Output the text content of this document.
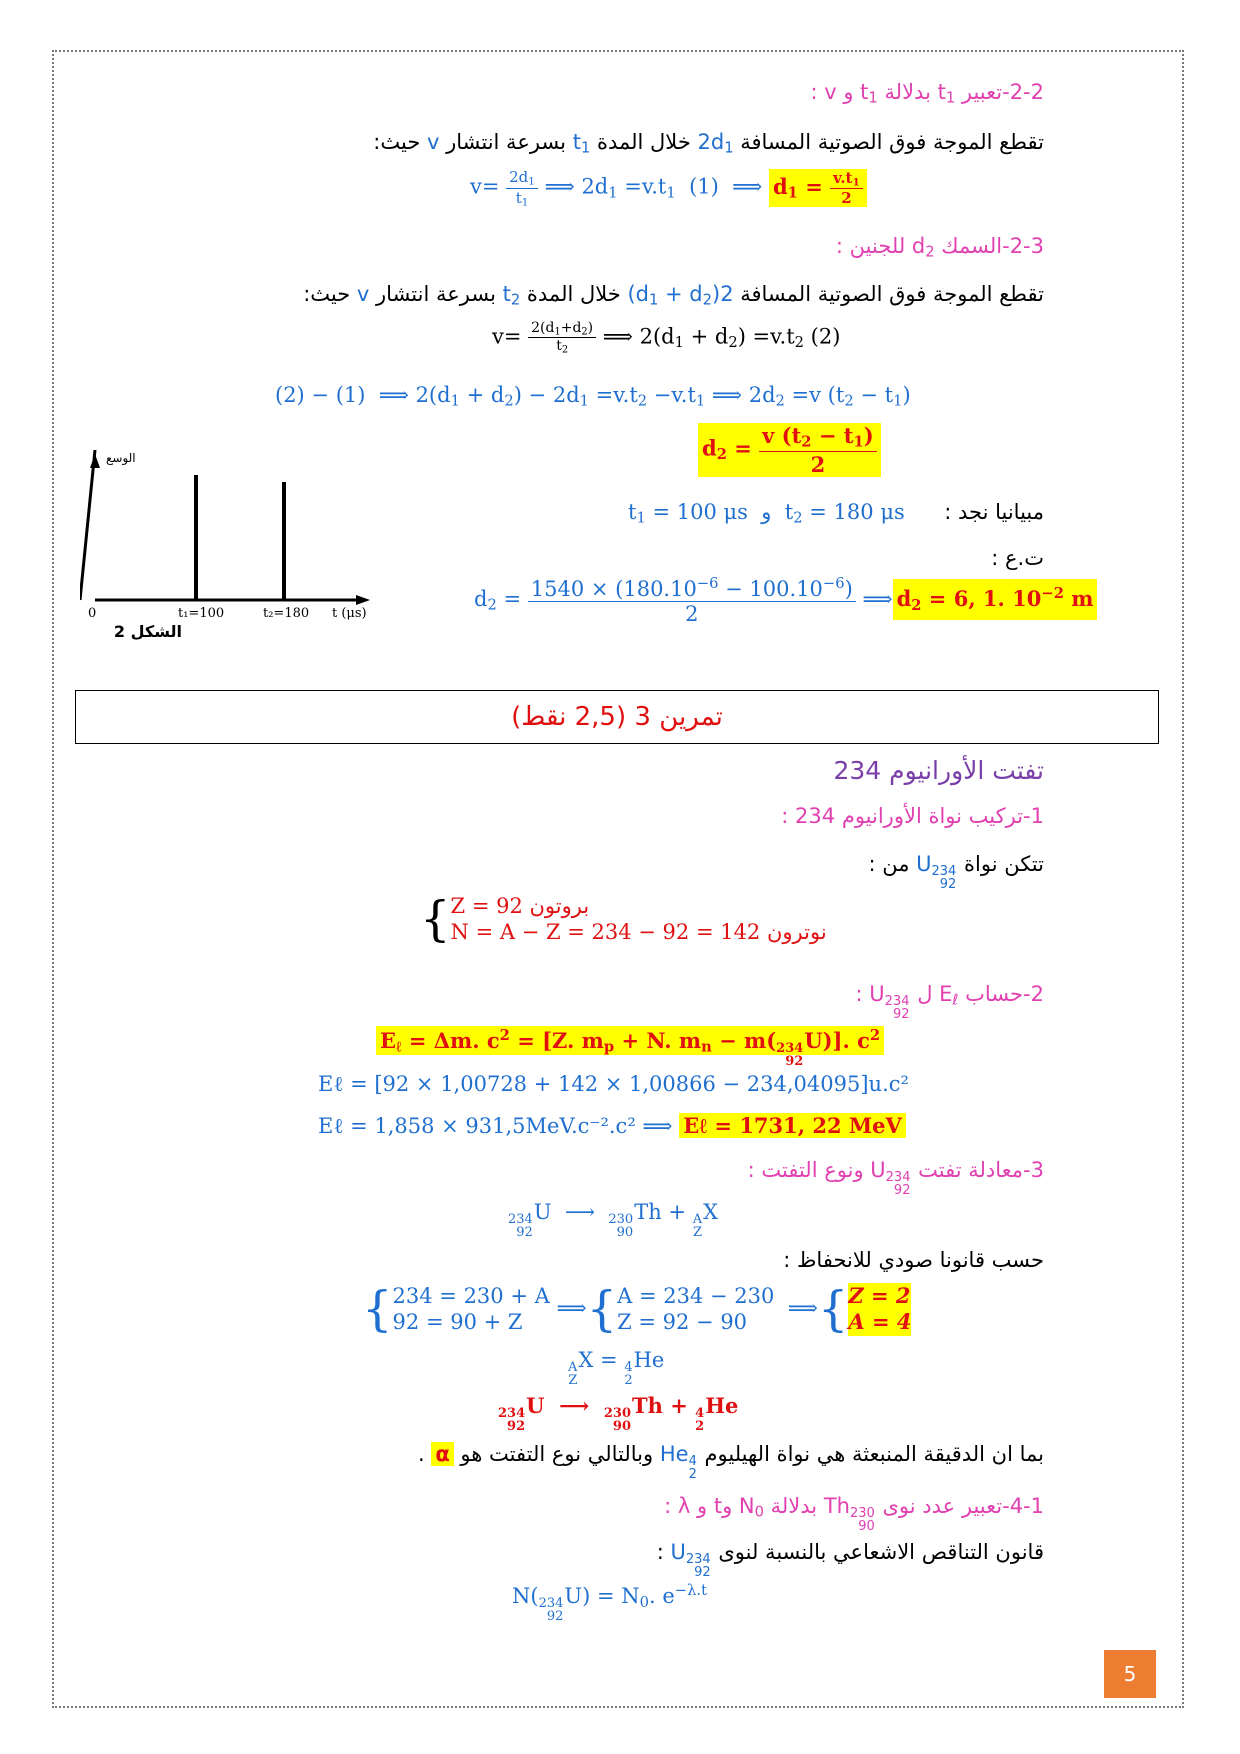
2-2-تعبير $t_1$ بدلالة $t_1$ و v :
تقطع الموجة فوق الصوتية المسافة $2d_1$ خلال المدة $t_1$ بسرعة انتشار v حيث:
$v= \frac{2d_1}{t_1}$ ⟹ $2d_1 =v.t_1$  (1)  ⟹ $d_1 = \frac{v.t_1}{2}$
2-3-السمك $d_2$ للجنين :
تقطع الموجة فوق الصوتية المسافة $2(d_1 + d_2)$ خلال المدة $t_2$ بسرعة انتشار v حيث:
$v= \frac{2(d_1+d_2)}{t_2}$ ⟹ $2(d_1 + d_2) =v.t_2$ (2)
(2) − (1)  ⟹ $2(d_1 + d_2) - 2d_1 =v.t_2 -v.t_1$ ⟹ $2d_2 =v$ $(t_2 - t_1)$
$d_2 = \frac{v (t_2 - t_1)}{2}$
مبيانيا نجد :
$t_1 = 100$ μs  و  $t_2 = 180$ μs
ت.ع :
$d_2 = \frac{1540 \times (180.10^{-6} - 100.10^{-6})}{2}$ ⟹ $d_2 = 6$, 1. $10^{-2}$ m
الوسع
0	t₁=100	t₂=180 t (μs)
الشكل 2
تمرين 3 (2,5 نقط)
تفتت الأورانيوم 234
1-تركيب نواة الأورانيوم 234 :
تتكن نواة
234
92
U من :
{ Z = 92 بروتون
N = A − Z = 234 − 92 = 142 نوترون
2-حساب $E_\ell$ ل
234
92
U :
$E_\ell = \Delta m$. $c^2 = [Z$. $m_p + N$. $m_n - m$( 234
92
U)]. $c^2$
Eℓ = [92 × 1,00728 + 142 × 1,00866 − 234,04095]u.c²
Eℓ = 1,858 × 931,5MeV.c⁻².c² ⟹ Eℓ = 1731, 22 MeV
3-معادلة تفتت
234
92
U ونوع التفتت :
234
92
U  ⟶ 230
90
Th + A
Z
X
حسب قانونا صودي للانحفاظ :
{ 234 = 230 + A
92 = 90 + Z
⟹{ A = 234 − 230
Z = 92 − 90
⟹{ Z = 2
A = 4
A
Z
X = 4
2
He
234
92
U  ⟶ 230
90
Th + 4
2
He
بما ان الدقيقة المنبعثة هي نواة الهيليوم
4
2
He وبالتالي نوع التفتت هو α .
4-1-تعبير عدد نوى
230
90
Th بدلالة $N_0$ وt و λ :
قانون التناقص الاشعاعي بالنسبة لنوى
234
92
U :
N( 234
92
$U) = N_0$. $e^{-\lambda.t}$
5
